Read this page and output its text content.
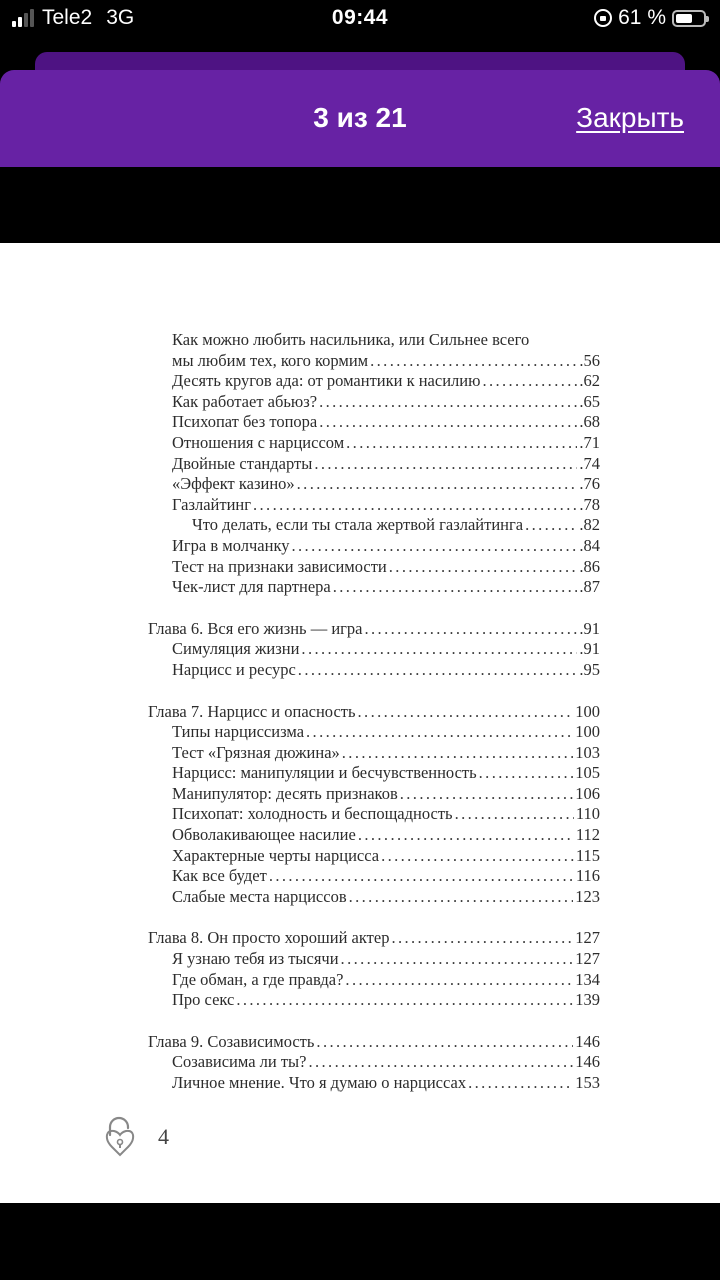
Tele2 3G	09:44	61 %
3 из 21	Закрыть
Как можно любить насильника, или Сильнее всего
мы любим тех, кого кормим .....	.56
Десять кругов ада: от романтики к насилию .....	.62
Как работает абьюз? .....	.65
Психопат без топора .....	.68
Отношения с нарциссом .....	.71
Двойные стандарты .....	.74
«Эффект казино» .....	.76
Газлайтинг .....	.78
Что делать, если ты стала жертвой газлайтинга .....	.82
Игра в молчанку .....	.84
Тест на признаки зависимости .....	.86
Чек-лист для партнера .....	.87
Глава 6. Вся его жизнь — игра .....	.91
Симуляция жизни .....	.91
Нарцисс и ресурс .....	.95
Глава 7. Нарцисс и опасность .....	100
Типы нарциссизма .....	100
Тест «Грязная дюжина» .....	103
Нарцисс: манипуляции и бесчувственность .....	105
Манипулятор: десять признаков .....	106
Психопат: холодность и беспощадность .....	110
Обволакивающее насилие .....	112
Характерные черты нарцисса .....	115
Как все будет .....	116
Слабые места нарциссов .....	123
Глава 8. Он просто хороший актер .....	127
Я узнаю тебя из тысячи .....	127
Где обман, а где правда? .....	134
Про секс .....	139
Глава 9. Созависимость .....	146
Созависима ли ты? .....	146
Личное мнение. Что я думаю о нарциссах .....	153
4
